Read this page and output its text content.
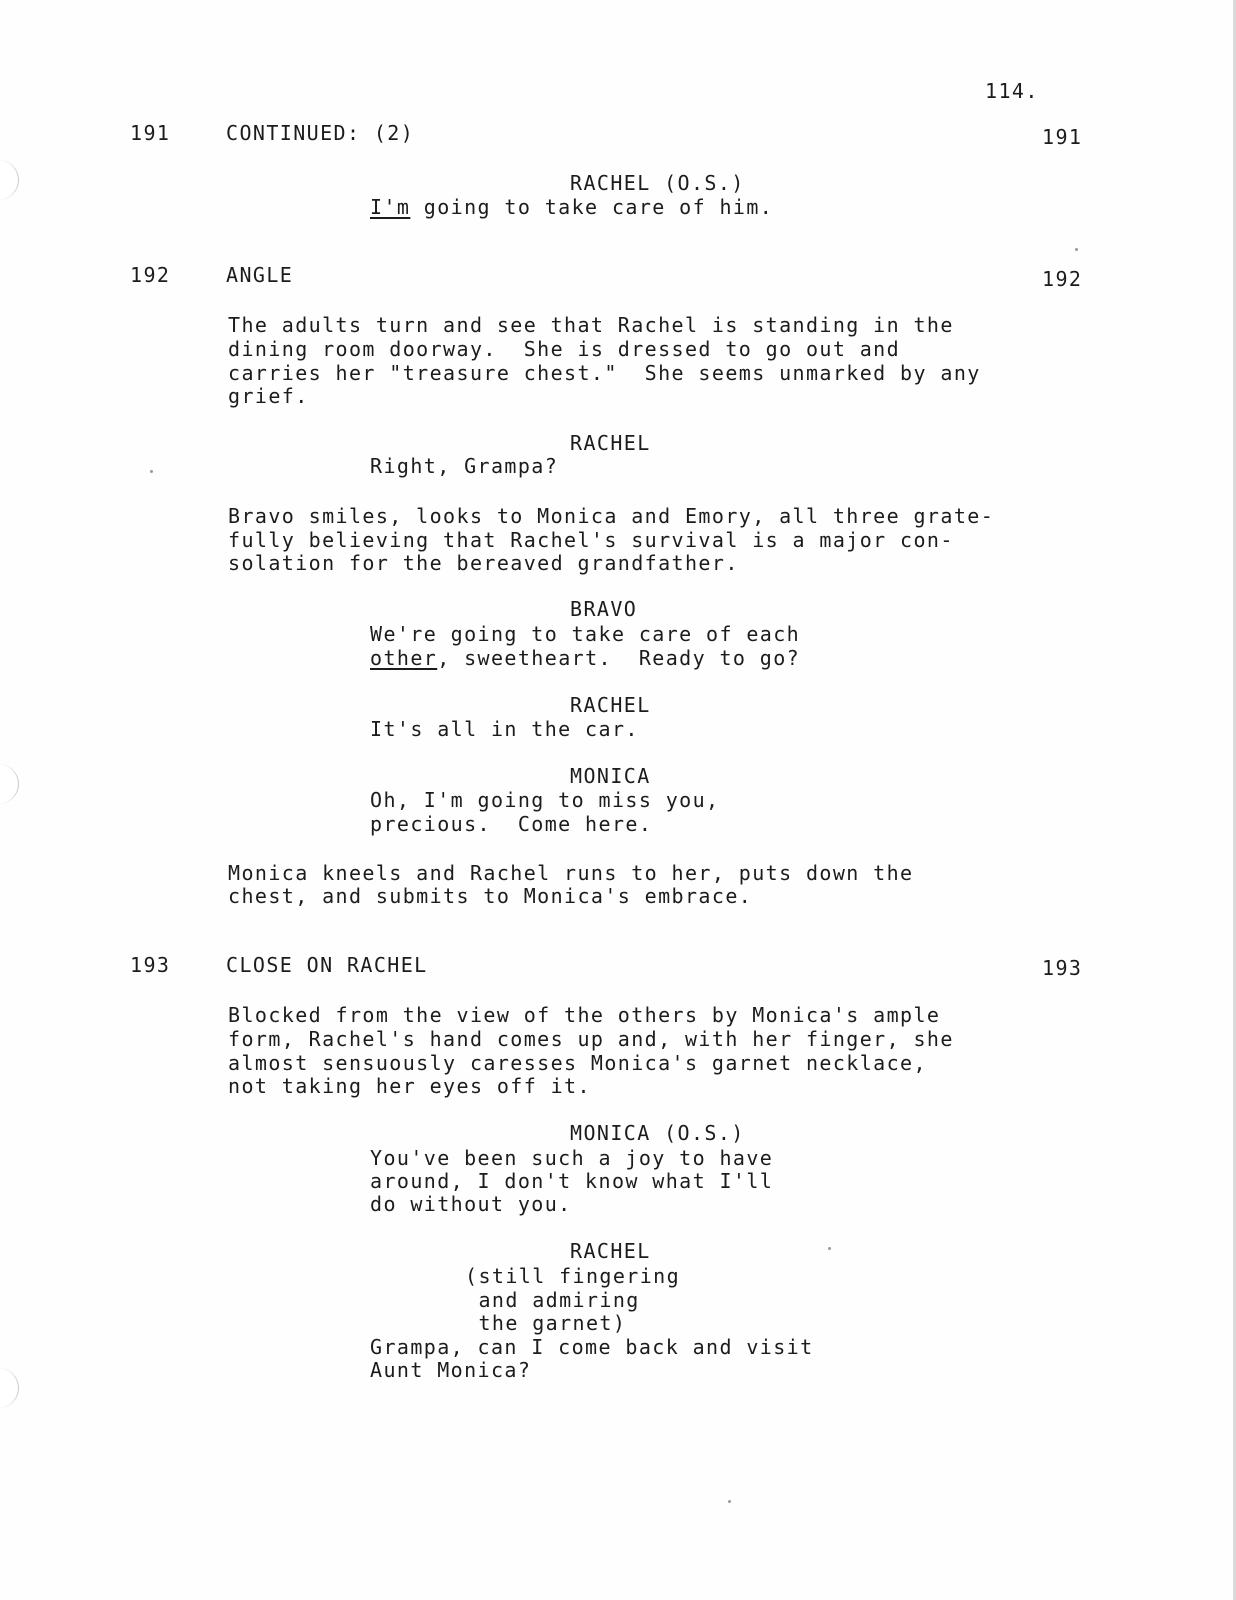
114.

191	CONTINUED: (2)	191

RACHEL (O.S.)

I'm going to take care of him.

192	ANGLE	192

The adults turn and see that Rachel is standing in the

dining room doorway.  She is dressed to go out and

carries her "treasure chest."  She seems unmarked by any

grief.

RACHEL

Right, Grampa?

Bravo smiles, looks to Monica and Emory, all three grate-

fully believing that Rachel's survival is a major con-

solation for the bereaved grandfather.

BRAVO

We're going to take care of each

other, sweetheart.  Ready to go?

RACHEL

It's all in the car.

MONICA

Oh, I'm going to miss you,

precious.  Come here.

Monica kneels and Rachel runs to her, puts down the

chest, and submits to Monica's embrace.

193	CLOSE ON RACHEL	193

Blocked from the view of the others by Monica's ample

form, Rachel's hand comes up and, with her finger, she

almost sensuously caresses Monica's garnet necklace,

not taking her eyes off it.

MONICA (O.S.)

You've been such a joy to have

around, I don't know what I'll

do without you.

RACHEL

(still fingering

and admiring

the garnet)

Grampa, can I come back and visit

Aunt Monica?
